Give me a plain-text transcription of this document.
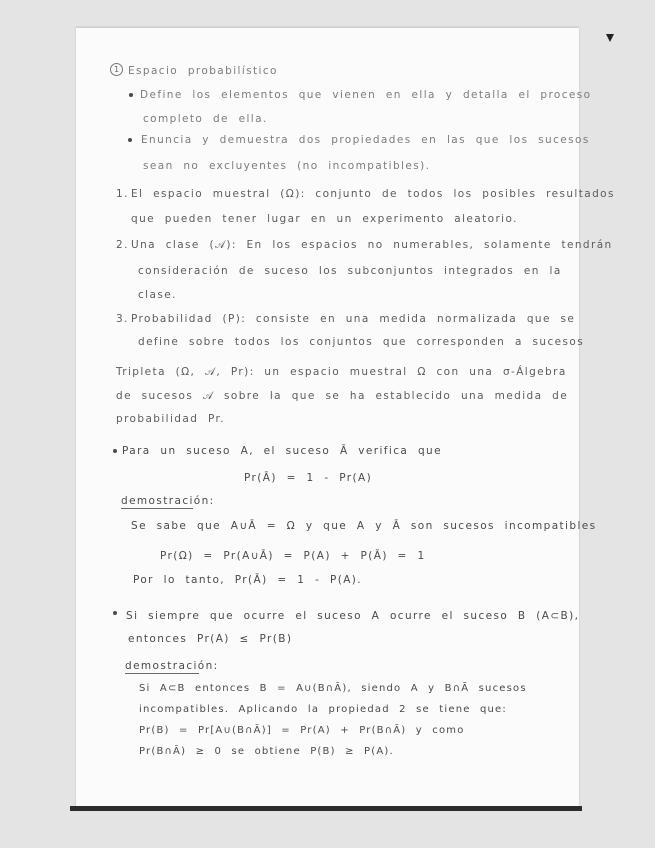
1 Espacio probabilístico
Define los elementos que vienen en ella y detalla el proceso
completo de ella.
Enuncia y demuestra dos propiedades en las que los sucesos
sean no excluyentes (no incompatibles).
1. El espacio muestral (Ω): conjunto de todos los posibles resultados
que pueden tener lugar en un experimento aleatorio.
2. Una clase (𝒜): En los espacios no numerables, solamente tendrán
consideración de suceso los subconjuntos integrados en la
clase.
3. Probabilidad (P): consiste en una medida normalizada que se
define sobre todos los conjuntos que corresponden a sucesos
Tripleta (Ω, 𝒜, Pr): un espacio muestral Ω con una σ-Álgebra
de sucesos 𝒜 sobre la que se ha establecido una medida de
probabilidad Pr.
Para un suceso A, el suceso Ā verifica que
Pr(Ā) = 1 - Pr(A)
demostración:
Se sabe que A∪Ā = Ω y que A y Ā son sucesos incompatibles
Pr(Ω) = Pr(A∪Ā) = P(A) + P(Ā) = 1
Por lo tanto, Pr(Ā) = 1 - P(A).
Si siempre que ocurre el suceso A ocurre el suceso B (A⊂B),
entonces Pr(A) ≤ Pr(B)
demostración:
Si A⊂B entonces B = A∪(B∩Ā), siendo A y B∩Ā sucesos
incompatibles. Aplicando la propiedad 2 se tiene que:
Pr(B) = Pr[A∪(B∩Ā)] = Pr(A) + Pr(B∩Ā) y como
Pr(B∩Ā) ≥ 0 se obtiene P(B) ≥ P(A).
